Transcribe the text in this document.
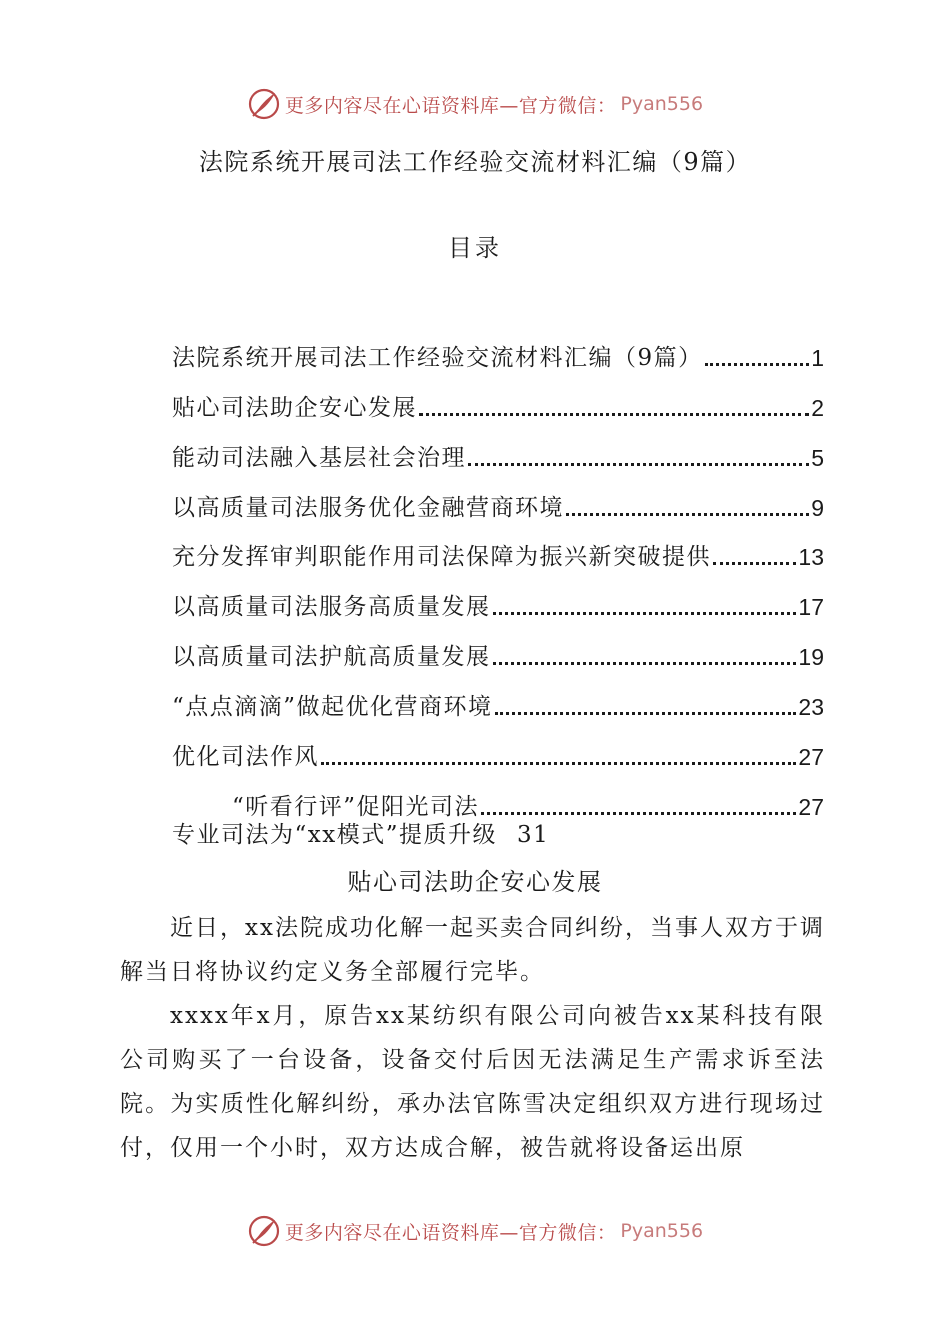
更多内容尽在心语资料库—官方微信： Pyan556
法院系统开展司法工作经验交流材料汇编（9篇）
目录
法院系统开展司法工作经验交流材料汇编（9篇）	1
贴心司法助企安心发展	2
能动司法融入基层社会治理	5
以高质量司法服务优化金融营商环境	9
充分发挥审判职能作用司法保障为振兴新突破提供	13
以高质量司法服务高质量发展	17
以高质量司法护航高质量发展	19
“点点滴滴”做起优化营商环境	23
优化司法作风	27
“听看行评”促阳光司法	27
专业司法为“xx模式”提质升级 31
贴心司法助企安心发展

近日，xx法院成功化解一起买卖合同纠纷，当事人双方于调解当日将协议约定义务全部履行完毕。

xxxx年x月，原告xx某纺织有限公司向被告xx某科技有限公司购买了一台设备，设备交付后因无法满足生产需求诉至法院。为实质性化解纠纷，承办法官陈雪决定组织双方进行现场过付，仅用一个小时，双方达成合解，被告就将设备运出原

更多内容尽在心语资料库—官方微信： Pyan556
